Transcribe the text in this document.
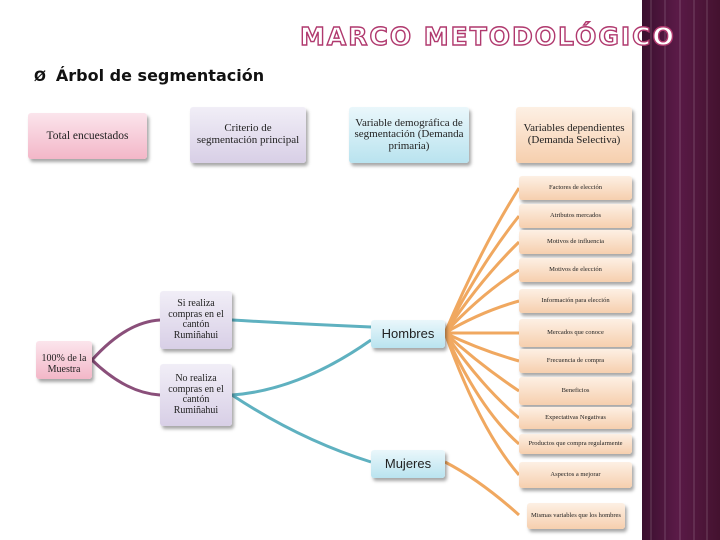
MARCO METODOLÓGICO
Ø Árbol de segmentación
Total encuestados
Criterio de segmentación principal
Variable demográfica de segmentación (Demanda primaria)
Variables dependientes (Demanda Selectiva)
100% de la Muestra
Si realiza compras en el cantón Rumiñahui
No realiza compras en el cantón Rumiñahui
Hombres
Mujeres
Factores de elección
Atributos mercados
Motivos de influencia
Motivos de elección
Información para elección
Mercados que conoce
Frecuencia de compra
Beneficios
Expectativas Negativas
Productos que compra regularmente
Aspectos a mejorar
Mismas variables que los hombres
